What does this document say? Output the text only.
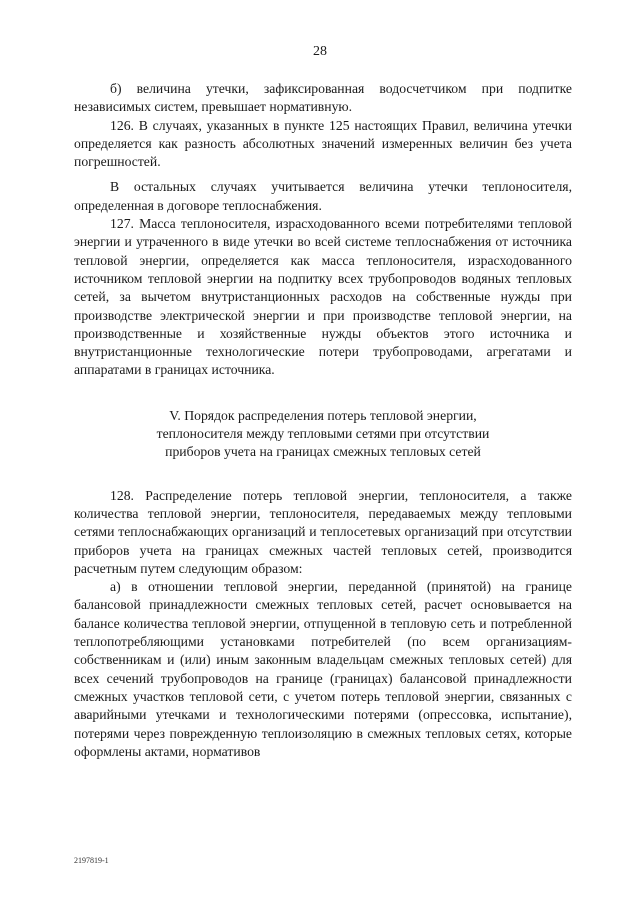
28

б) величина утечки, зафиксированная водосчетчиком при подпитке независимых систем, превышает нормативную.

126. В случаях, указанных в пункте 125 настоящих Правил, величина утечки определяется как разность абсолютных значений измеренных величин без учета погрешностей.

В остальных случаях учитывается величина утечки теплоносителя, определенная в договоре теплоснабжения.

127. Масса теплоносителя, израсходованного всеми потребителями тепловой энергии и утраченного в виде утечки во всей системе теплоснабжения от источника тепловой энергии, определяется как масса теплоносителя, израсходованного источником тепловой энергии на подпитку всех трубопроводов водяных тепловых сетей, за вычетом внутристанционных расходов на собственные нужды при производстве электрической энергии и при производстве тепловой энергии, на производственные и хозяйственные нужды объектов этого источника и внутристанционные технологические потери трубопроводами, агрегатами и аппаратами в границах источника.

V. Порядок распределения потерь тепловой энергии,
теплоносителя между тепловыми сетями при отсутствии
приборов учета на границах смежных тепловых сетей

128. Распределение потерь тепловой энергии, теплоносителя, а также количества тепловой энергии, теплоносителя, передаваемых между тепловыми сетями теплоснабжающих организаций и теплосетевых организаций при отсутствии приборов учета на границах смежных частей тепловых сетей, производится расчетным путем следующим образом:

а) в отношении тепловой энергии, переданной (принятой) на границе балансовой принадлежности смежных тепловых сетей, расчет основывается на балансе количества тепловой энергии, отпущенной в тепловую сеть и потребленной теплопотребляющими установками потребителей (по всем организациям-собственникам и (или) иным законным владельцам смежных тепловых сетей) для всех сечений трубопроводов на границе (границах) балансовой принадлежности смежных участков тепловой сети, с учетом потерь тепловой энергии, связанных с аварийными утечками и технологическими потерями (опрессовка, испытание), потерями через поврежденную теплоизоляцию в смежных тепловых сетях, которые оформлены актами, нормативов

2197819-1
